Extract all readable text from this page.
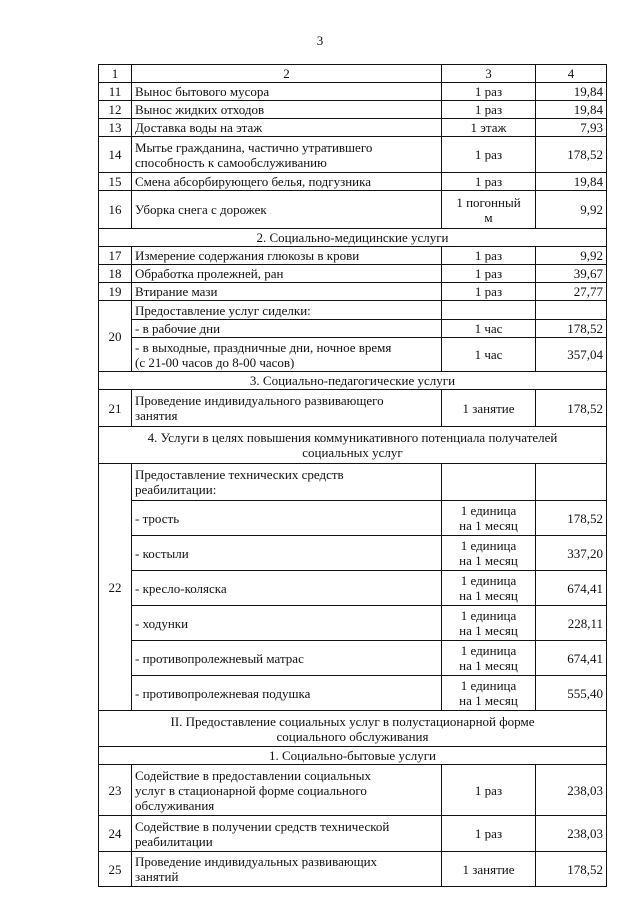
3
1	2	3	4
11	Вынос бытового мусора	1 раз	19,84
12	Вынос жидких отходов	1 раз	19,84
13	Доставка воды на этаж	1 этаж	7,93
14	Мытье гражданина, частично утратившего
способность к самообслуживанию	1 раз	178,52
15	Смена абсорбирующего белья, подгузника	1 раз	19,84
16	Уборка снега с дорожек	1 погонный
м	9,92
2. Социально-медицинские услуги			
17	Измерение содержания глюкозы в крови	1 раз	9,92
18	Обработка пролежней, ран	1 раз	39,67
19	Втирание мази	1 раз	27,77
20	Предоставление услуг сиделки:		
	- в рабочие дни	1 час	178,52
	- в выходные, праздничные дни, ночное время
(с 21-00 часов до 8-00 часов)	1 час	357,04
3. Социально-педагогические услуги			
21	Проведение индивидуального развивающего
занятия	1 занятие	178,52
4. Услуги в целях повышения коммуникативного потенциала получателей
социальных услуг			
22	Предоставление технических средств
реабилитации:		
	- трость	1 единица
на 1 месяц	178,52
	- костыли	1 единица
на 1 месяц	337,20
	- кресло-коляска	1 единица
на 1 месяц	674,41
	- ходунки	1 единица
на 1 месяц	228,11
	- противопролежневый матрас	1 единица
на 1 месяц	674,41
	- противопролежневая подушка	1 единица
на 1 месяц	555,40
II. Предоставление социальных услуг в полустационарной форме
социального обслуживания			
1. Социально-бытовые услуги			
23	Содействие в предоставлении социальных
услуг в стационарной форме социального
обслуживания	1 раз	238,03
24	Содействие в получении средств технической
реабилитации	1 раз	238,03
25	Проведение индивидуальных развивающих
занятий	1 занятие	178,52
